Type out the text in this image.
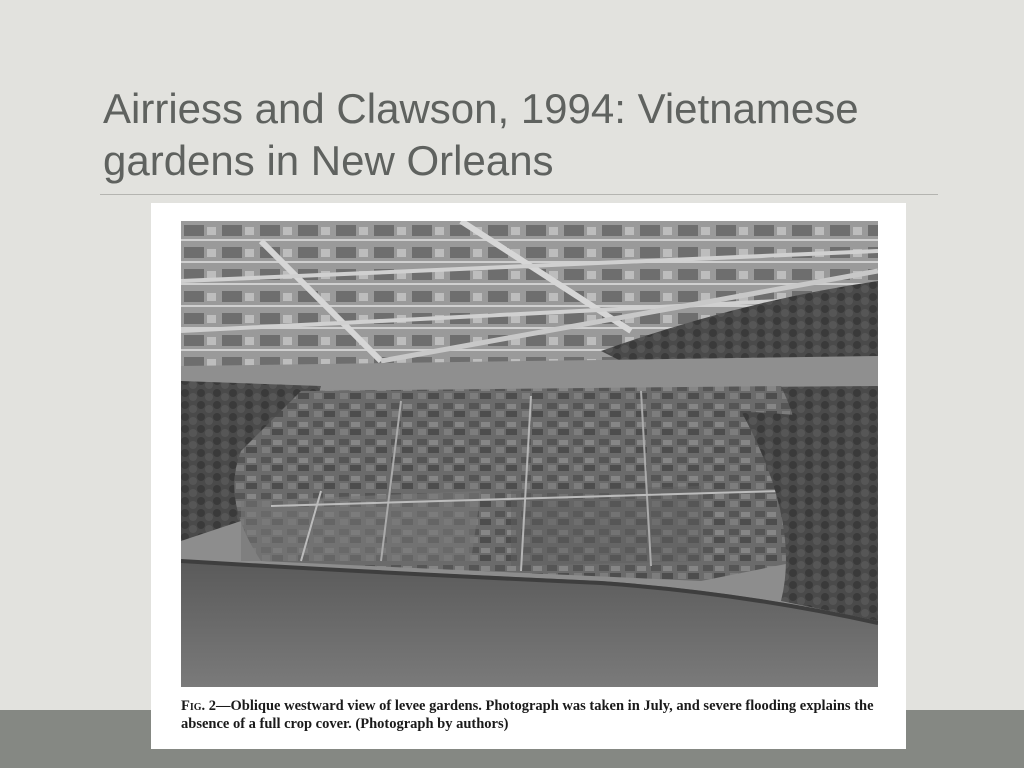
Airriess and Clawson, 1994: Vietnamese gardens in New Orleans

Fig. 2—Oblique westward view of levee gardens. Photograph was taken in July, and severe flooding explains the absence of a full crop cover. (Photograph by authors)
